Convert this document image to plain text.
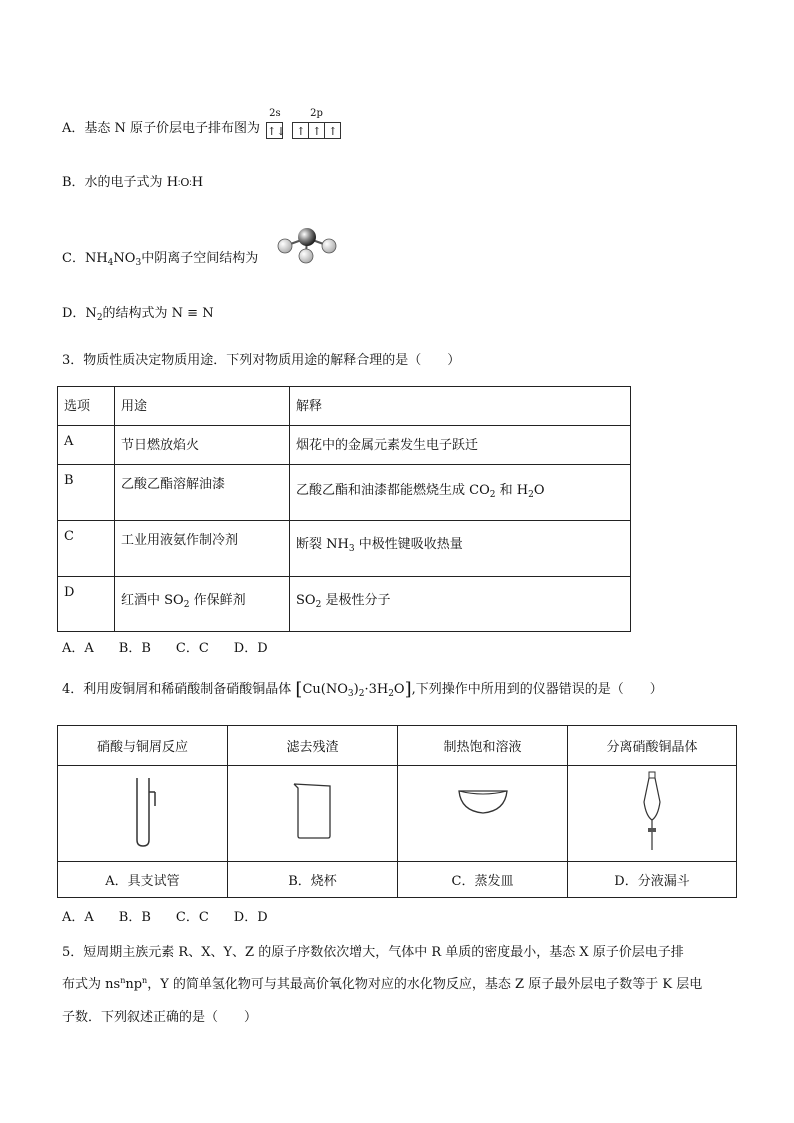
A．基态 N 原子价层电子排布图为
2s	2p
↑↓ ↑ ↑ ↑
B．水的电子式为 H∶O∶H
C．$NH_4NO_3$中阴离子空间结构为
D．$N_2$的结构式为 N ≡ N
3．物质性质决定物质用途．下列对物质用途的解释合理的是（　　）
选项	用途	解释
A	节日燃放焰火	烟花中的金属元素发生电子跃迁
B	乙酸乙酯溶解油漆	乙酸乙酯和油漆都能燃烧生成 $CO_2$ 和 $H_2O$
C	工业用液氨作制冷剂	断裂 $NH_3$ 中极性键吸收热量
D	红酒中 $SO_2$ 作保鲜剂	$SO_2$ 是极性分子
A．A B．B C．C D．D
4．利用废铜屑和稀硝酸制备硝酸铜晶体 $[Cu(NO_3)_2\cdot 3H_2O]$,下列操作中所用到的仪器错误的是（　　）
硝酸与铜屑反应	滤去残渣	制热饱和溶液	分离硝酸铜晶体

A．具支试管	B．烧杯	C．蒸发皿	D．分液漏斗
A．A B．B C．C D．D
5．短周期主族元素 R、X、Y、Z 的原子序数依次增大，气体中 R 单质的密度最小，基态 X 原子价层电子排
布式为 $ns^nnp^n$，Y 的简单氢化物可与其最高价氧化物对应的水化物反应，基态 Z 原子最外层电子数等于 K 层电
子数．下列叙述正确的是（　　）
